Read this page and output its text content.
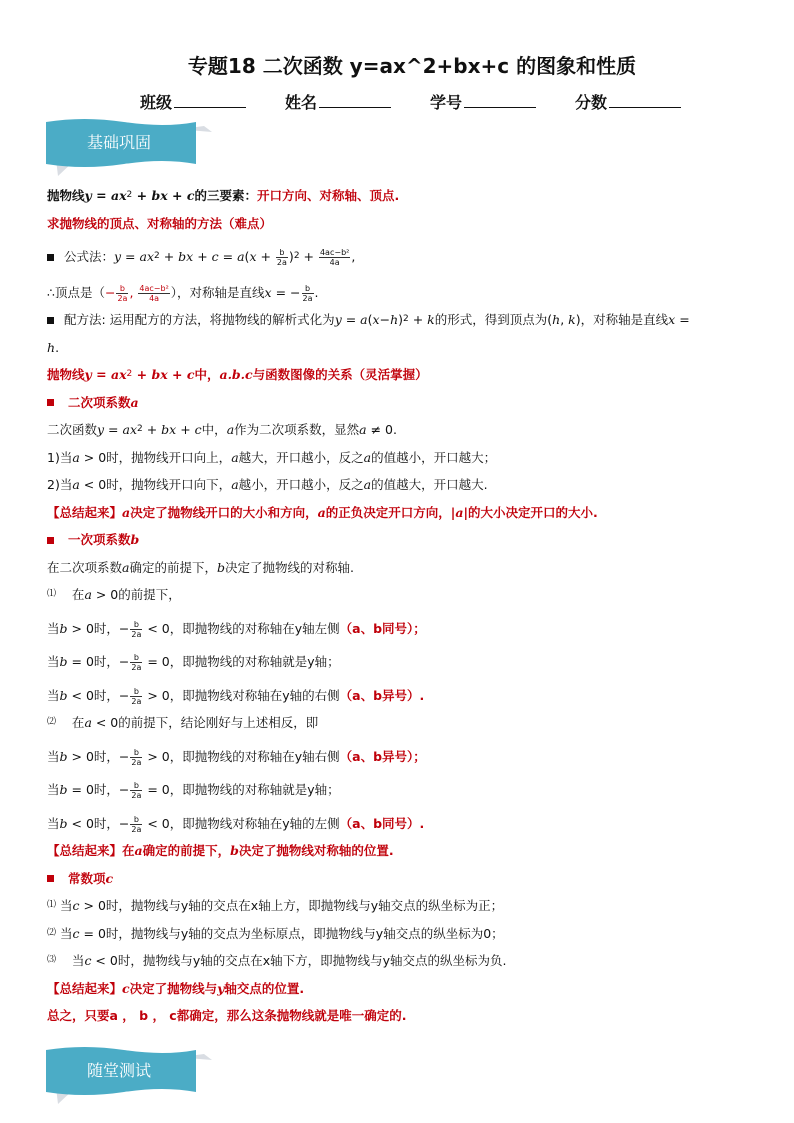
专题18 二次函数 y=ax^2+bx+c 的图象和性质
班级	姓名	学号	分数
基础巩固

抛物线$y = ax^2$ + bx + c的三要素：开口方向、对称轴、顶点.

求抛物线的顶点、对称轴的方法（难点）

公式法：$y = ax^2$ + bx + $c = a(x + \frac{b}{2a} )^2 + \frac{\text{4ac−b²}}{4a}$ ,

∴顶点是（− $\frac{b}{2a}$ , $\frac{\text{4ac−b²}}{4a}$ ），对称轴是直线x = − $\frac{b}{2a}$ .

配方法: 运用配方的方法，将抛物线的解析式化为$y = a(x-h)^2 + k$的形式，得到顶点为(h, k)，对称轴是直线x =

h.

抛物线$y = ax^2$ + bx + c中，a.b.c与函数图像的关系（灵活掌握）

二次项系数a

二次函数$y = ax^2$ + bx + c中，a作为二次项系数，显然a ≠ 0.

1)当a > 0时，抛物线开口向上，a越大，开口越小，反之a的值越小，开口越大；

2)当a < 0时，抛物线开口向下，a越小，开口越小，反之a的值越大，开口越大.

【总结起来】a决定了抛物线开口的大小和方向，a的正负决定开口方向，|a|的大小决定开口的大小.

一次项系数b

在二次项系数a确定的前提下，b决定了抛物线的对称轴.

⑴ 在a > 0的前提下，

当b > 0时，− $\frac{b}{2a} < 0$，即抛物线的对称轴在y轴左侧（a、b同号）；

当b = 0时，− $\frac{b}{2a} = 0$，即抛物线的对称轴就是y轴；

当b < 0时，− $\frac{b}{2a} > 0$，即抛物线对称轴在y轴的右侧（a、b异号）.

⑵ 在a < 0的前提下，结论刚好与上述相反，即

当b > 0时，− $\frac{b}{2a} > 0$，即抛物线的对称轴在y轴右侧（a、b异号）；

当b = 0时，− $\frac{b}{2a} = 0$，即抛物线的对称轴就是y轴；

当b < 0时，− $\frac{b}{2a} < 0$，即抛物线对称轴在y轴的左侧（a、b同号）.

【总结起来】在a确定的前提下，b决定了抛物线对称轴的位置.

常数项c

⑴ 当c > 0时，抛物线与y轴的交点在x轴上方，即抛物线与y轴交点的纵坐标为正；

⑵ 当c = 0时，抛物线与y轴的交点为坐标原点，即抛物线与y轴交点的纵坐标为0；

⑶ 当c < 0时，抛物线与y轴的交点在x轴下方，即抛物线与y轴交点的纵坐标为负.

【总结起来】c决定了抛物线与y轴交点的位置.

总之，只要a ， b ， c都确定，那么这条抛物线就是唯一确定的.

随堂测试
